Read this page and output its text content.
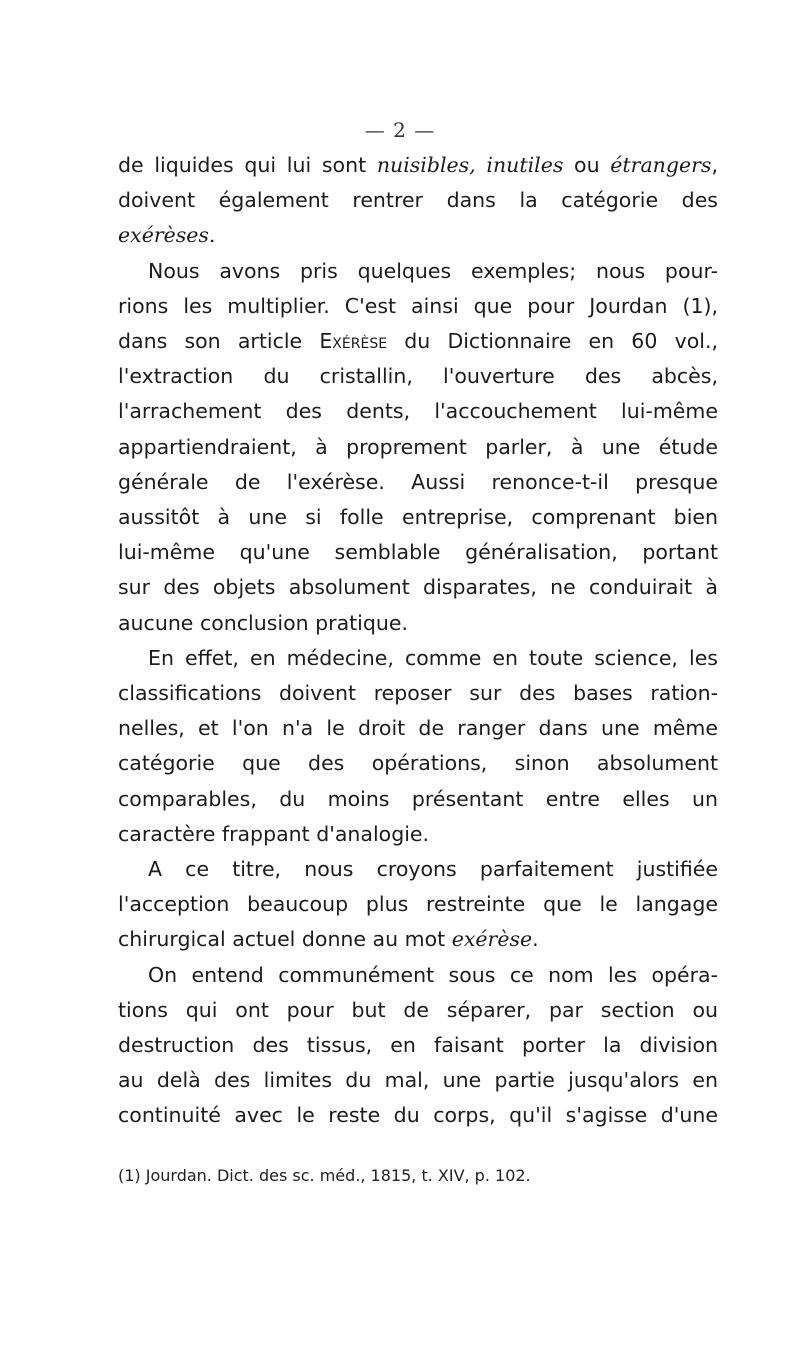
— 2 —
de liquides qui lui sont nuisibles, inutiles ou étrangers,
doivent également rentrer dans la catégorie des
exérèses.
Nous avons pris quelques exemples; nous pour-
rions les multiplier. C'est ainsi que pour Jourdan (1),
dans son article Exérèse du Dictionnaire en 60 vol.,
l'extraction du cristallin, l'ouverture des abcès,
l'arrachement des dents, l'accouchement lui-même
appartiendraient, à proprement parler, à une étude
générale de l'exérèse. Aussi renonce-t-il presque
aussitôt à une si folle entreprise, comprenant bien
lui-même qu'une semblable généralisation, portant
sur des objets absolument disparates, ne conduirait à
aucune conclusion pratique.
En effet, en médecine, comme en toute science, les
classifications doivent reposer sur des bases ration-
nelles, et l'on n'a le droit de ranger dans une même
catégorie que des opérations, sinon absolument
comparables, du moins présentant entre elles un
caractère frappant d'analogie.
A ce titre, nous croyons parfaitement justifiée
l'acception beaucoup plus restreinte que le langage
chirurgical actuel donne au mot exérèse.
On entend communément sous ce nom les opéra-
tions qui ont pour but de séparer, par section ou
destruction des tissus, en faisant porter la division
au delà des limites du mal, une partie jusqu'alors en
continuité avec le reste du corps, qu'il s'agisse d'une
(1) Jourdan. Dict. des sc. méd., 1815, t. XIV, p. 102.
